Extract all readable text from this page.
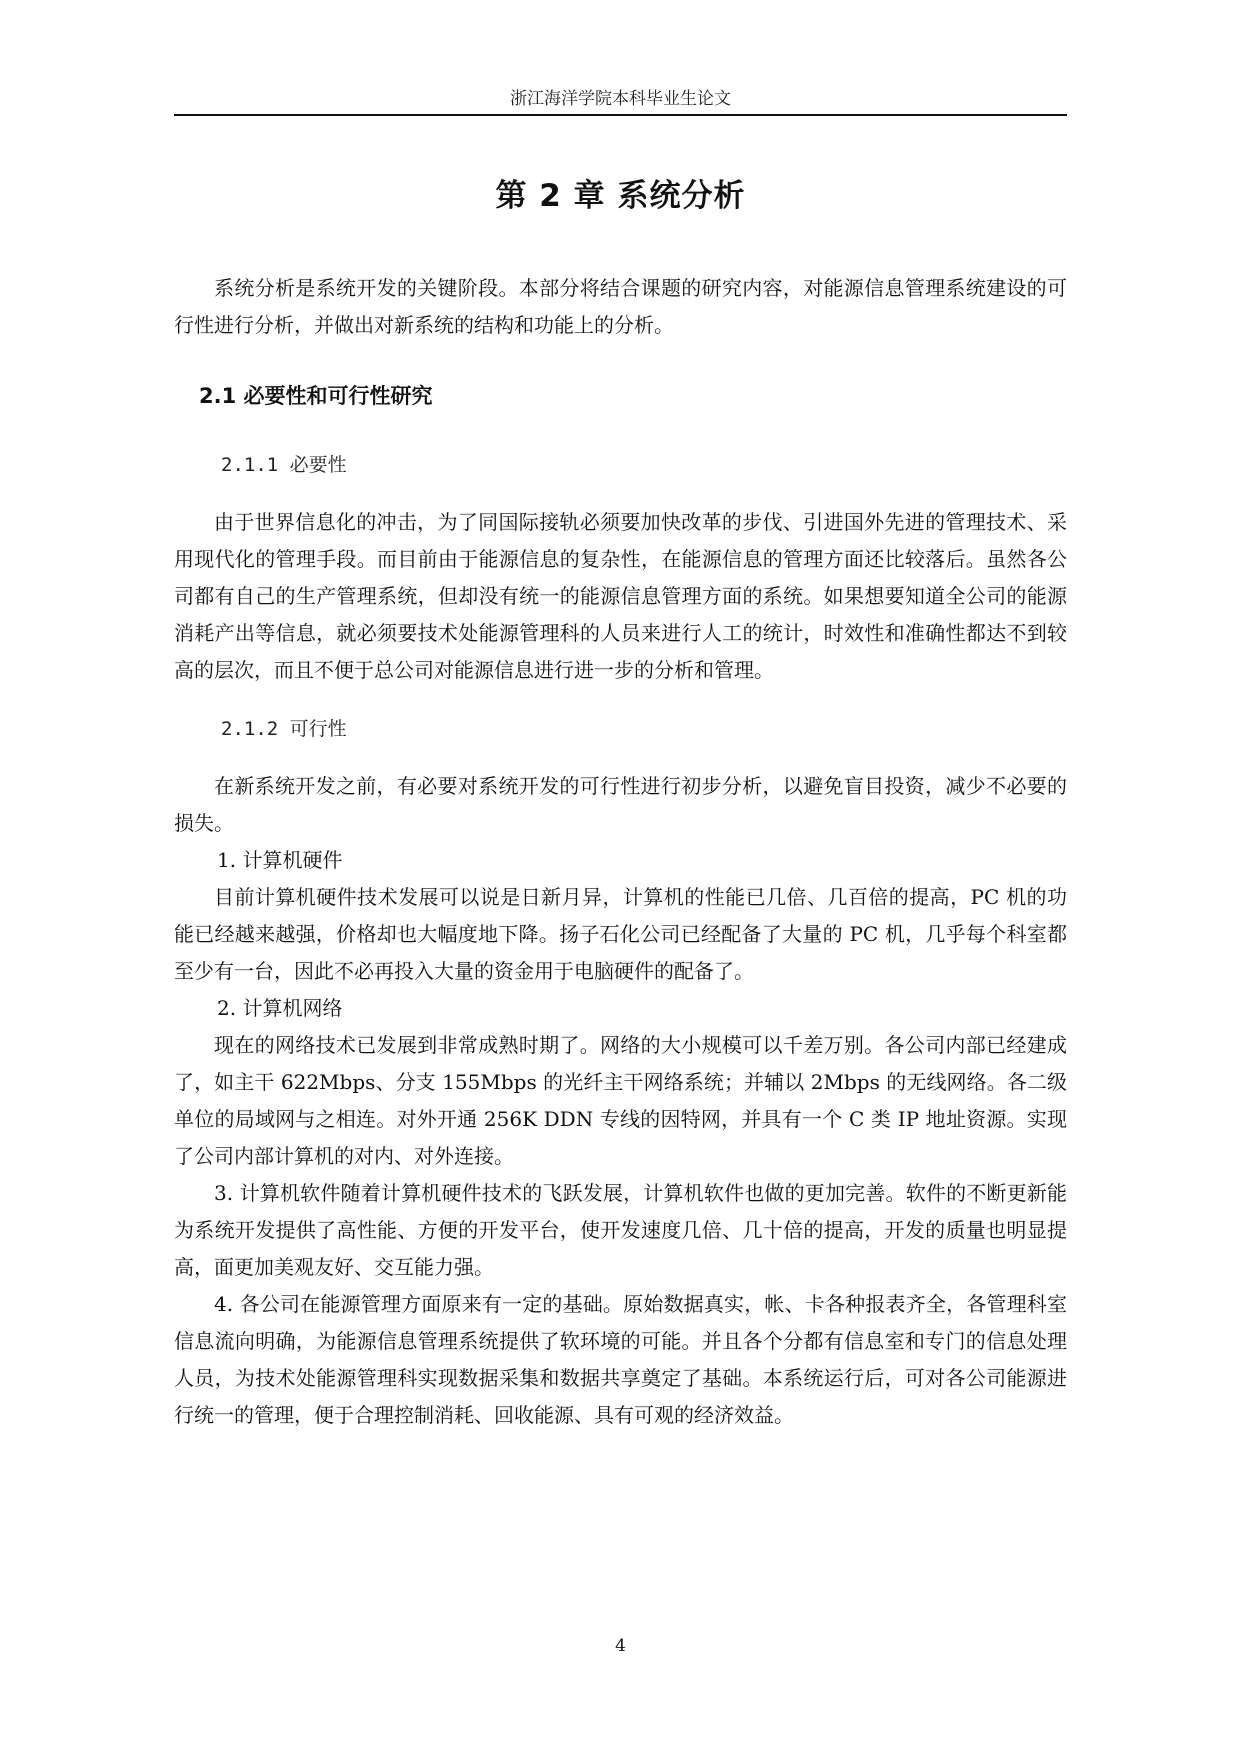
浙江海洋学院本科毕业生论文
第 2 章 系统分析

系统分析是系统开发的关键阶段。本部分将结合课题的研究内容，对能源信息管理系统建设的可行性进行分析，并做出对新系统的结构和功能上的分析。

2.1 必要性和可行性研究
2.1.1 必要性

由于世界信息化的冲击，为了同国际接轨必须要加快改革的步伐、引进国外先进的管理技术、采用现代化的管理手段。而目前由于能源信息的复杂性，在能源信息的管理方面还比较落后。虽然各公司都有自己的生产管理系统，但却没有统一的能源信息管理方面的系统。如果想要知道全公司的能源消耗产出等信息，就必须要技术处能源管理科的人员来进行人工的统计，时效性和准确性都达不到较高的层次，而且不便于总公司对能源信息进行进一步的分析和管理。

2.1.2 可行性

在新系统开发之前，有必要对系统开发的可行性进行初步分析，以避免盲目投资，减少不必要的损失。

1. 计算机硬件

目前计算机硬件技术发展可以说是日新月异，计算机的性能已几倍、几百倍的提高，PC 机的功能已经越来越强，价格却也大幅度地下降。扬子石化公司已经配备了大量的 PC 机，几乎每个科室都至少有一台，因此不必再投入大量的资金用于电脑硬件的配备了。

2. 计算机网络

现在的网络技术已发展到非常成熟时期了。网络的大小规模可以千差万别。各公司内部已经建成了，如主干 622Mbps、分支 155Mbps 的光纤主干网络系统；并辅以 2Mbps 的无线网络。各二级单位的局域网与之相连。对外开通 256K DDN 专线的因特网，并具有一个 C 类 IP 地址资源。实现了公司内部计算机的对内、对外连接。

3. 计算机软件随着计算机硬件技术的飞跃发展，计算机软件也做的更加完善。软件的不断更新能为系统开发提供了高性能、方便的开发平台，使开发速度几倍、几十倍的提高，开发的质量也明显提高，面更加美观友好、交互能力强。

4. 各公司在能源管理方面原来有一定的基础。原始数据真实，帐、卡各种报表齐全，各管理科室信息流向明确，为能源信息管理系统提供了软环境的可能。并且各个分都有信息室和专门的信息处理人员，为技术处能源管理科实现数据采集和数据共享奠定了基础。本系统运行后，可对各公司能源进行统一的管理，便于合理控制消耗、回收能源、具有可观的经济效益。

4
